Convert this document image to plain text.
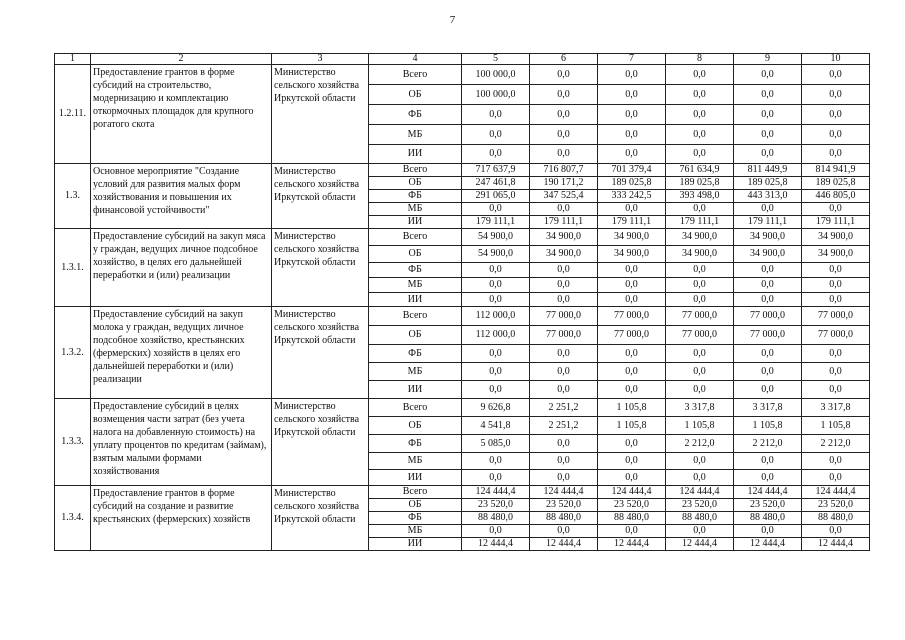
7
1	2	3	4	5	6	7	8	9	10
1.2.11.	Предоставление грантов в форме субсидий на строительство, модернизацию и комплектацию откормочных площадок для крупного рогатого скота	Министерство сельского хозяйства Иркутской области	Всего	100 000,0	0,0	0,0	0,0	0,0	0,0
			ОБ	100 000,0	0,0	0,0	0,0	0,0	0,0
			ФБ	0,0	0,0	0,0	0,0	0,0	0,0
			МБ	0,0	0,0	0,0	0,0	0,0	0,0
			ИИ	0,0	0,0	0,0	0,0	0,0	0,0
1.3.	Основное мероприятие "Создание условий для развития малых форм хозяйствования и повышения их финансовой устойчивости"	Министерство сельского хозяйства Иркутской области	Всего	717 637,9	716 807,7	701 379,4	761 634,9	811 449,9	814 941,9
			ОБ	247 461,8	190 171,2	189 025,8	189 025,8	189 025,8	189 025,8
			ФБ	291 065,0	347 525,4	333 242,5	393 498,0	443 313,0	446 805,0
			МБ	0,0	0,0	0,0	0,0	0,0	0,0
			ИИ	179 111,1	179 111,1	179 111,1	179 111,1	179 111,1	179 111,1
1.3.1.	Предоставление субсидий на закуп мяса у граждан, ведущих личное подсобное хозяйство, в целях его дальнейшей переработки и (или) реализации	Министерство сельского хозяйства Иркутской области	Всего	54 900,0	34 900,0	34 900,0	34 900,0	34 900,0	34 900,0
			ОБ	54 900,0	34 900,0	34 900,0	34 900,0	34 900,0	34 900,0
			ФБ	0,0	0,0	0,0	0,0	0,0	0,0
			МБ	0,0	0,0	0,0	0,0	0,0	0,0
			ИИ	0,0	0,0	0,0	0,0	0,0	0,0
1.3.2.	Предоставление субсидий на закуп молока у граждан, ведущих личное подсобное хозяйство, крестьянских (фермерских) хозяйств в целях его дальнейшей переработки и (или) реализации	Министерство сельского хозяйства Иркутской области	Всего	112 000,0	77 000,0	77 000,0	77 000,0	77 000,0	77 000,0
			ОБ	112 000,0	77 000,0	77 000,0	77 000,0	77 000,0	77 000,0
			ФБ	0,0	0,0	0,0	0,0	0,0	0,0
			МБ	0,0	0,0	0,0	0,0	0,0	0,0
			ИИ	0,0	0,0	0,0	0,0	0,0	0,0
1.3.3.	Предоставление субсидий в целях возмещения части затрат (без учета налога на добавленную стоимость) на уплату процентов по кредитам (займам), взятым малыми формами хозяйствования	Министерство сельского хозяйства Иркутской области	Всего	9 626,8	2 251,2	1 105,8	3 317,8	3 317,8	3 317,8
			ОБ	4 541,8	2 251,2	1 105,8	1 105,8	1 105,8	1 105,8
			ФБ	5 085,0	0,0	0,0	2 212,0	2 212,0	2 212,0
			МБ	0,0	0,0	0,0	0,0	0,0	0,0
			ИИ	0,0	0,0	0,0	0,0	0,0	0,0
1.3.4.	Предоставление грантов в форме субсидий на создание и развитие крестьянских (фермерских) хозяйств	Министерство сельского хозяйства Иркутской области	Всего	124 444,4	124 444,4	124 444,4	124 444,4	124 444,4	124 444,4
			ОБ	23 520,0	23 520,0	23 520,0	23 520,0	23 520,0	23 520,0
			ФБ	88 480,0	88 480,0	88 480,0	88 480,0	88 480,0	88 480,0
			МБ	0,0	0,0	0,0	0,0	0,0	0,0
			ИИ	12 444,4	12 444,4	12 444,4	12 444,4	12 444,4	12 444,4
